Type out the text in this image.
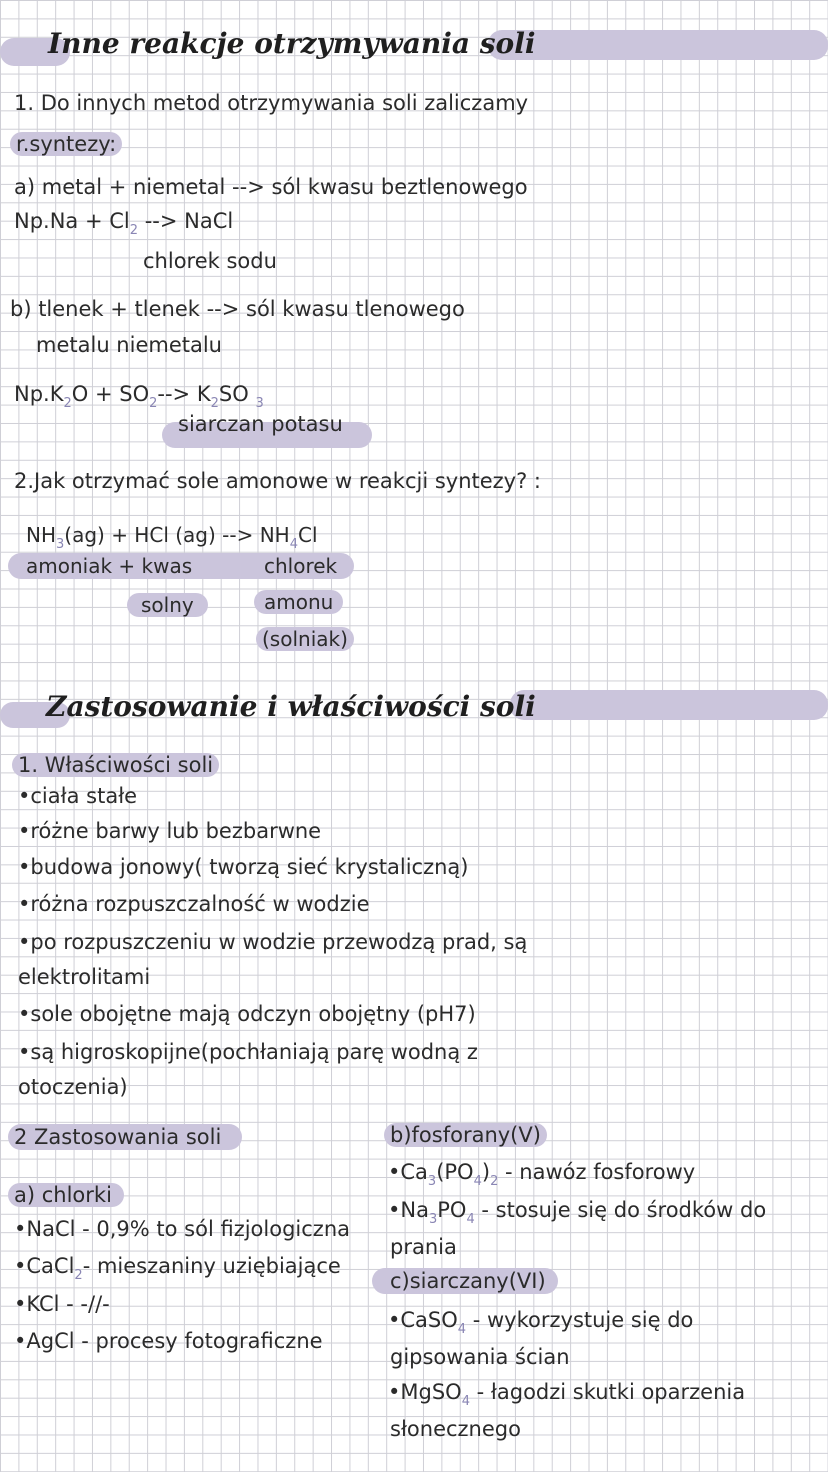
Inne reakcje otrzymywania soli
1. Do innych metod otrzymywania soli zaliczamy
r.syntezy:
a) metal + niemetal --> sól kwasu beztlenowego
$Np.Na + Cl_2$ --> NaCl
chlorek sodu
b) tlenek + tlenek --> sól kwasu tlenowego
metalu niemetalu
$Np.K_2O + SO_2--> K_2SO$ $_3$
siarczan potasu
2.Jak otrzymać sole amonowe w reakcji syntezy? :
$NH_3(ag)$ + HCl (ag) --> $NH_4Cl$
amoniak + kwas	chlorek
solny	amonu
(solniak)
Zastosowanie i właściwości soli
1. Właściwości soli
•ciała stałe
•różne barwy lub bezbarwne
•budowa jonowy( tworzą sieć krystaliczną)
•różna rozpuszczalność w wodzie
•po rozpuszczeniu w wodzie przewodzą prad, są
elektrolitami
•sole obojętne mają odczyn obojętny (pH7)
•są higroskopijne(pochłaniają parę wodną z
otoczenia)
2 Zastosowania soli
a) chlorki
•NaCl - 0,9% to sól fizjologiczna
•CaCl$_2$- mieszaniny uziębiające
•KCl - -//-
•AgCl - procesy fotograficzne
b)fosforany(V)
$•Ca_3(PO_4)_2$ - nawóz fosforowy
$•Na_3PO_4$ - stosuje się do środków do
prania
c)siarczany(VI)
•CaSO$_4$ - wykorzystuje się do
gipsowania ścian
•MgSO$_4$ - łagodzi skutki oparzenia
słonecznego
